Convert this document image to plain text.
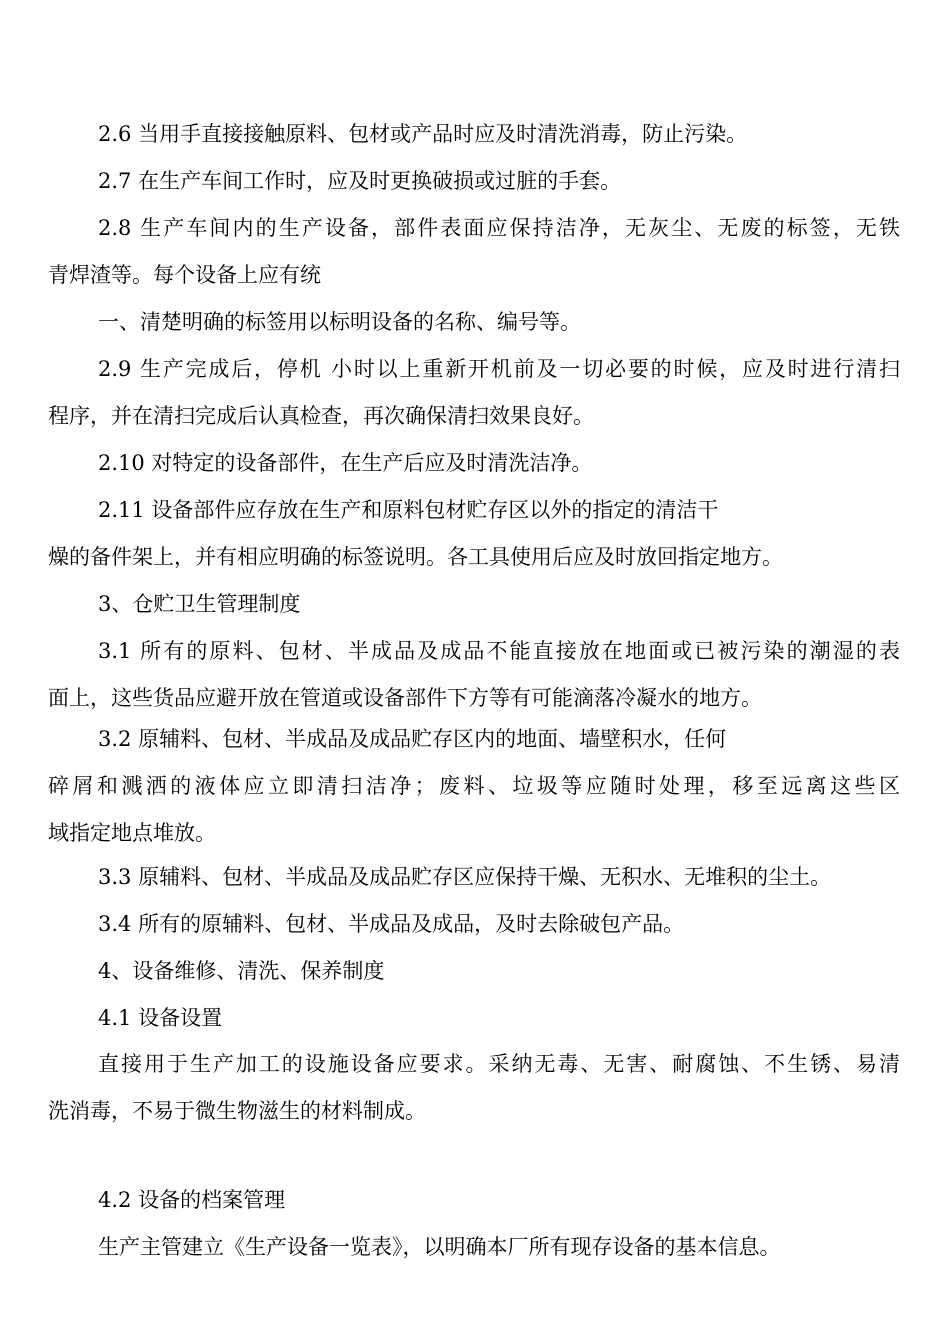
2.6 当用手直接接触原料、包材或产品时应及时清洗消毒，防止污染。
2.7 在生产车间工作时，应及时更换破损或过脏的手套。
2.8 生产车间内的生产设备，部件表面应保持洁净，无灰尘、无废的标签，无铁
青焊渣等。每个设备上应有统
一、清楚明确的标签用以标明设备的名称、编号等。
2.9 生产完成后，停机 小时以上重新开机前及一切必要的时候，应及时进行清扫
程序，并在清扫完成后认真检查，再次确保清扫效果良好。
2.10 对特定的设备部件，在生产后应及时清洗洁净。
2.11 设备部件应存放在生产和原料包材贮存区以外的指定的清洁干
燥的备件架上，并有相应明确的标签说明。各工具使用后应及时放回指定地方。
3、仓贮卫生管理制度
3.1 所有的原料、包材、半成品及成品不能直接放在地面或已被污染的潮湿的表
面上，这些货品应避开放在管道或设备部件下方等有可能滴落冷凝水的地方。
3.2 原辅料、包材、半成品及成品贮存区内的地面、墙壁积水，任何
碎屑和溅洒的液体应立即清扫洁净；废料、垃圾等应随时处理，移至远离这些区
域指定地点堆放。
3.3 原辅料、包材、半成品及成品贮存区应保持干燥、无积水、无堆积的尘土。
3.4 所有的原辅料、包材、半成品及成品，及时去除破包产品。
4、设备维修、清洗、保养制度
4.1 设备设置
直接用于生产加工的设施设备应要求。采纳无毒、无害、耐腐蚀、不生锈、易清
洗消毒，不易于微生物滋生的材料制成。
4.2 设备的档案管理
生产主管建立《生产设备一览表》，以明确本厂所有现存设备的基本信息。
